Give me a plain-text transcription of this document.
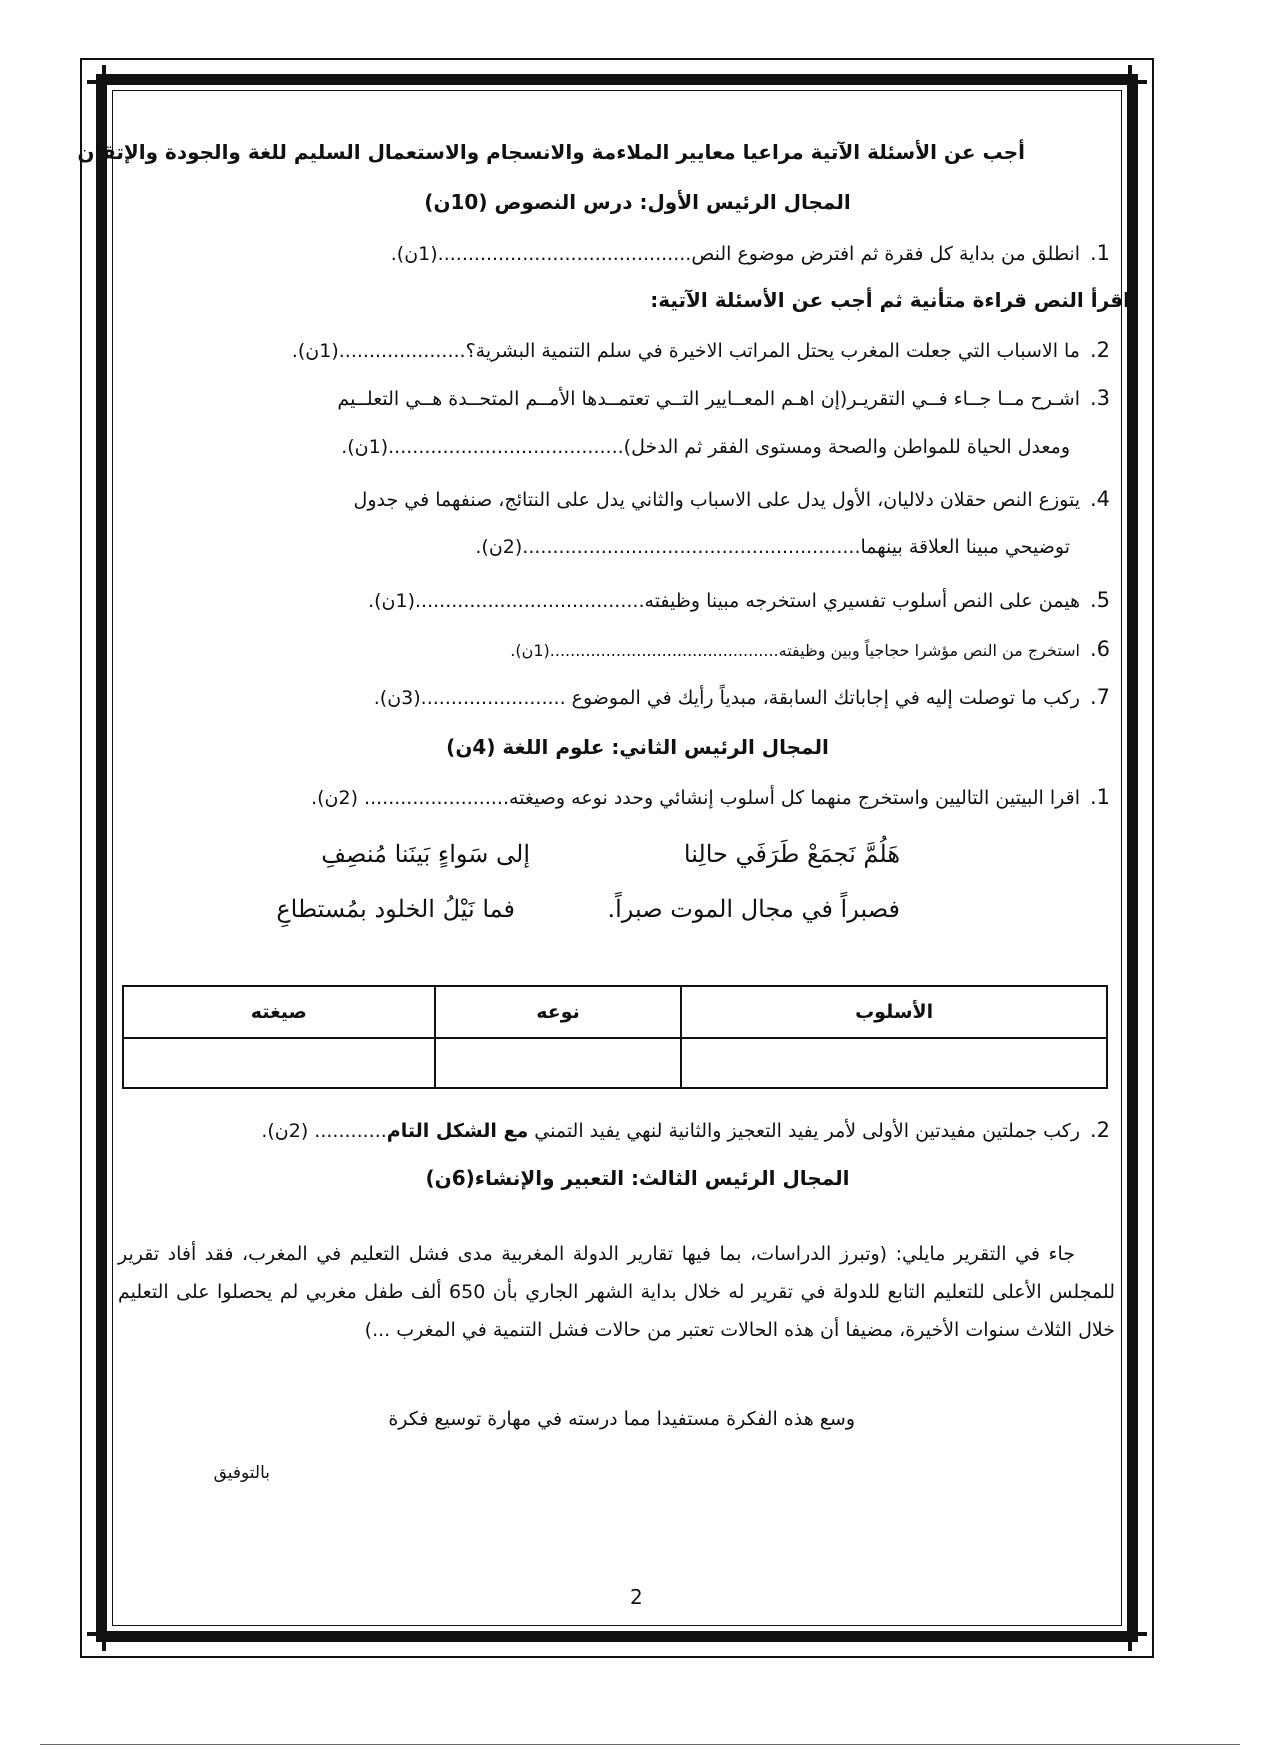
أجب عن الأسئلة الآتية مراعيا معايير الملاءمة والانسجام والاستعمال السليم للغة والجودة والإتقان
المجال الرئيس الأول: درس النصوص (10ن)
1.انطلق من بداية كل فقرة ثم افترض موضوع النص..........................................(1ن).
اقرأ النص قراءة متأنية ثم أجب عن الأسئلة الآتية:
2.ما الاسباب التي جعلت المغرب يحتل المراتب الاخيرة في سلم التنمية البشرية؟.....................(1ن).
3.اشـرح مــا جــاء فــي التقريـر(إن اهـم المعــايير التــي تعتمــدها الأمــم المتحــدة هــي التعلــيم
ومعدل الحياة للمواطن والصحة ومستوى الفقر ثم الدخل).......................................(1ن).
4.يتوزع النص حقلان دلاليان، الأول يدل على الاسباب والثاني يدل على النتائج، صنفهما في جدول
توضيحي مبينا العلاقة بينهما........................................................(2ن).
5.هيمن على النص أسلوب تفسيري استخرجه مبينا وظيفته......................................(1ن).
6.استخرج من النص مؤشرا حجاجياً وبين وظيفته.............................................(1ن).
7.ركب ما توصلت إليه في إجاباتك السابقة، مبدياً رأيك في الموضوع ........................(3ن).
المجال الرئيس الثاني: علوم اللغة (4ن)
1.اقرا البيتين التاليين واستخرج منهما كل أسلوب إنشائي وحدد نوعه وصيغته........................ (2ن).
هَلُمَّ نَجمَعْ طَرَفَي حالِنا
إلى سَواءٍ بَينَنا مُنصِفِ
فصبراً في مجال الموت صبراً.
فما نَيْلُ الخلود بمُستطاعِ
الأسلوب	نوعه	صيغته

2.ركب جملتين مفيدتين الأولى لأمر يفيد التعجيز والثانية لنهي يفيد التمني مع الشكل التام............ (2ن).
المجال الرئيس الثالث: التعبير والإنشاء(6ن)
جاء في التقرير مايلي: (وتبرز الدراسات، بما فيها تقارير الدولة المغربية مدى فشل التعليم في المغرب، فقد أفاد تقرير للمجلس الأعلى للتعليم التابع للدولة في تقرير له خلال بداية الشهر الجاري بأن 650 ألف طفل مغربي لم يحصلوا على التعليم خلال الثلاث سنوات الأخيرة، مضيفا أن هذه الحالات تعتبر من حالات فشل التنمية في المغرب ...)
وسع هذه الفكرة مستفيدا مما درسته في مهارة توسيع فكرة
بالتوفيق
2
